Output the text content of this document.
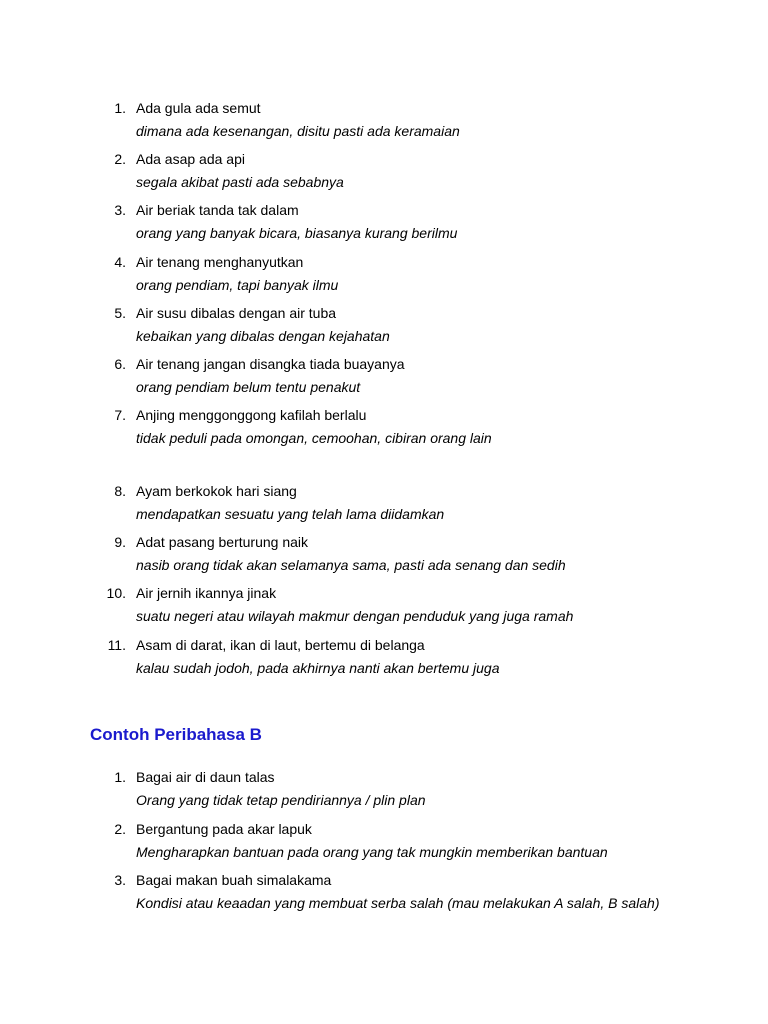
1. Ada gula ada semut
dimana ada kesenangan, disitu pasti ada keramaian
2. Ada asap ada api
segala akibat pasti ada sebabnya
3. Air beriak tanda tak dalam
orang yang banyak bicara, biasanya kurang berilmu
4. Air tenang menghanyutkan
orang pendiam, tapi banyak ilmu
5. Air susu dibalas dengan air tuba
kebaikan yang dibalas dengan kejahatan
6. Air tenang jangan disangka tiada buayanya
orang pendiam belum tentu penakut
7. Anjing menggonggong kafilah berlalu
tidak peduli pada omongan, cemoohan, cibiran orang lain
8. Ayam berkokok hari siang
mendapatkan sesuatu yang telah lama diidamkan
9. Adat pasang berturung naik
nasib orang tidak akan selamanya sama, pasti ada senang dan sedih
10. Air jernih ikannya jinak
suatu negeri atau wilayah makmur dengan penduduk yang juga ramah
11. Asam di darat, ikan di laut, bertemu di belanga
kalau sudah jodoh, pada akhirnya nanti akan bertemu juga
Contoh Peribahasa B
1. Bagai air di daun talas
Orang yang tidak tetap pendiriannya / plin plan
2. Bergantung pada akar lapuk
Mengharapkan bantuan pada orang yang tak mungkin memberikan bantuan
3. Bagai makan buah simalakama
Kondisi atau keaadan yang membuat serba salah (mau melakukan A salah, B salah)
